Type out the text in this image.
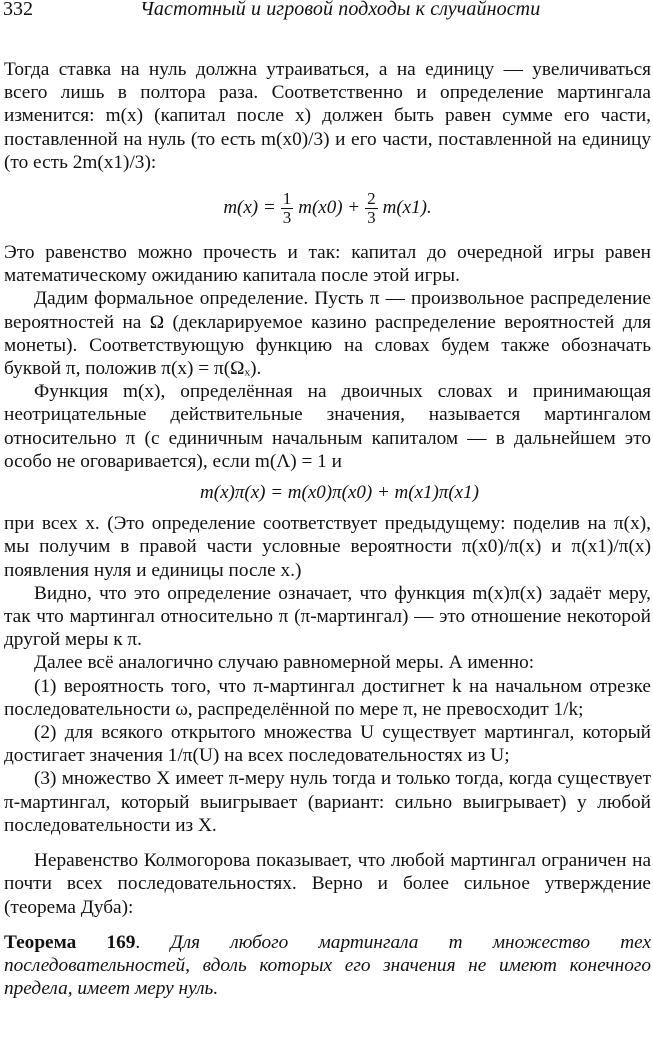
332	Частотный и игровой подходы к случайности

Тогда ставка на нуль должна утраиваться, а на единицу — увеличиваться всего лишь в полтора раза. Соответственно и определение мартингала изменится: m(x) (капитал после x) должен быть равен сумме его части, поставленной на нуль (то есть m(x0)/3) и его части, поставленной на единицу (то есть 2m(x1)/3):

$m(x) = \frac{1}{3} m(x0) + \frac{2}{3} m(x1)$.

Это равенство можно прочесть и так: капитал до очередной игры равен математическому ожиданию капитала после этой игры.

Дадим формальное определение. Пусть π — произвольное распределение вероятностей на Ω (декларируемое казино распределение вероятностей для монеты). Соответствующую функцию на словах будем также обозначать буквой π, положив π(x) = π(Ωₓ).

Функция m(x), определённая на двоичных словах и принимающая неотрицательные действительные значения, называется мартингалом относительно π (с единичным начальным капиталом — в дальнейшем это особо не оговаривается), если m(Λ) = 1 и

m(x)π(x) = m(x0)π(x0) + m(x1)π(x1)

при всех x. (Это определение соответствует предыдущему: поделив на π(x), мы получим в правой части условные вероятности π(x0)/π(x) и π(x1)/π(x) появления нуля и единицы после x.)

Видно, что это определение означает, что функция m(x)π(x) задаёт меру, так что мартингал относительно π (π-мартингал) — это отношение некоторой другой меры к π.

Далее всё аналогично случаю равномерной меры. А именно:

(1) вероятность того, что π-мартингал достигнет k на начальном отрезке последовательности ω, распределённой по мере π, не превосходит 1/k;

(2) для всякого открытого множества U существует мартингал, который достигает значения 1/π(U) на всех последовательностях из U;

(3) множество X имеет π-меру нуль тогда и только тогда, когда существует π-мартингал, который выигрывает (вариант: сильно выигрывает) у любой последовательности из X.

Неравенство Колмогорова показывает, что любой мартингал ограничен на почти всех последовательностях. Верно и более сильное утверждение (теорема Дуба):

Теорема 169. Для любого мартингала m множество тех последовательностей, вдоль которых его значения не имеют конечного предела, имеет меру нуль.
